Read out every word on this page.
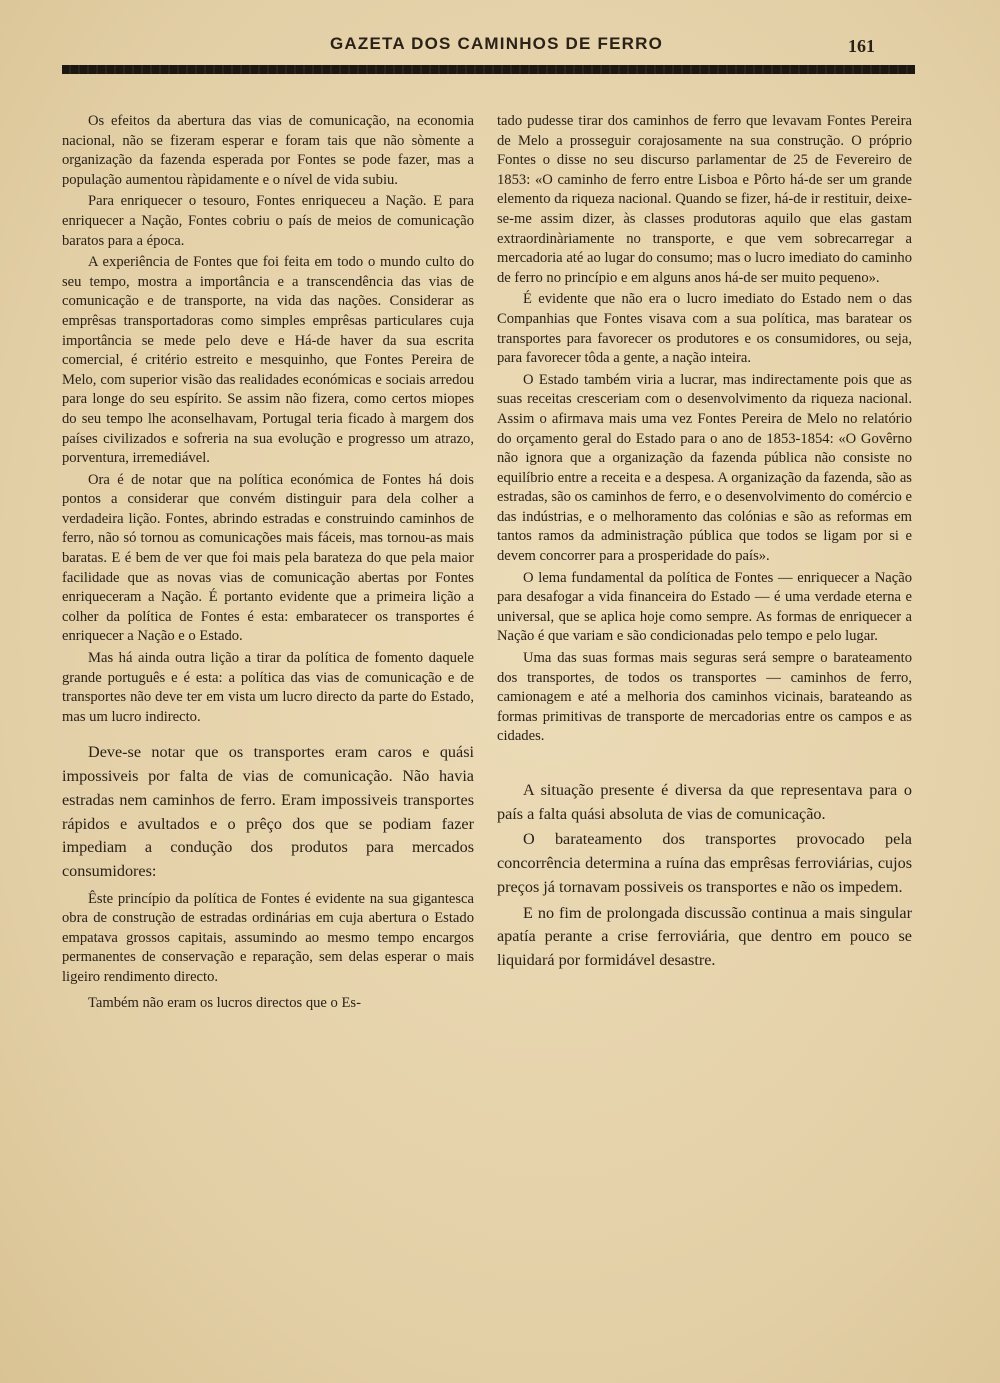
GAZETA DOS CAMINHOS DE FERRO	161

Os efeitos da abertura das vias de comunicação, na economia nacional, não se fizeram esperar e foram tais que não sòmente a organização da fazenda esperada por Fontes se pode fazer, mas a população aumentou ràpidamente e o nível de vida subiu.

Para enriquecer o tesouro, Fontes enriqueceu a Nação. E para enriquecer a Nação, Fontes cobriu o país de meios de comunicação baratos para a época.

A experiência de Fontes que foi feita em todo o mundo culto do seu tempo, mostra a importância e a transcendência das vias de comunicação e de transporte, na vida das nações. Considerar as emprêsas transportadoras como simples emprêsas particulares cuja importância se mede pelo deve e Há-de haver da sua escrita comercial, é critério estreito e mesquinho, que Fontes Pereira de Melo, com superior visão das realidades económicas e sociais arredou para longe do seu espírito. Se assim não fizera, como certos miopes do seu tempo lhe aconselhavam, Portugal teria ficado à margem dos países civilizados e sofreria na sua evolução e progresso um atrazo, porventura, irremediável.

Ora é de notar que na política económica de Fontes há dois pontos a considerar que convém distinguir para dela colher a verdadeira lição. Fontes, abrindo estradas e construindo caminhos de ferro, não só tornou as comunicações mais fáceis, mas tornou-as mais baratas. E é bem de ver que foi mais pela barateza do que pela maior facilidade que as novas vias de comunicação abertas por Fontes enriqueceram a Nação. É portanto evidente que a primeira lição a colher da política de Fontes é esta: embaratecer os transportes é enriquecer a Nação e o Estado.

Mas há ainda outra lição a tirar da política de fomento daquele grande português e é esta: a política das vias de comunicação e de transportes não deve ter em vista um lucro directo da parte do Estado, mas um lucro indirecto.

Deve-se notar que os transportes eram caros e quási impossiveis por falta de vias de comunicação. Não havia estradas nem caminhos de ferro. Eram impossiveis transportes rápidos e avultados e o prêço dos que se podiam fazer impediam a condução dos produtos para mercados consumidores:

Êste princípio da política de Fontes é evidente na sua gigantesca obra de construção de estradas ordinárias em cuja abertura o Estado empatava grossos capitais, assumindo ao mesmo tempo encargos permanentes de conservação e reparação, sem delas esperar o mais ligeiro rendimento directo.

Também não eram os lucros directos que o Es-

tado pudesse tirar dos caminhos de ferro que levavam Fontes Pereira de Melo a prosseguir corajosamente na sua construção. O próprio Fontes o disse no seu discurso parlamentar de 25 de Fevereiro de 1853: «O caminho de ferro entre Lisboa e Pôrto há-de ser um grande elemento da riqueza nacional. Quando se fizer, há-de ir restituir, deixe-se-me assim dizer, às classes produtoras aquilo que elas gastam extraordinàriamente no transporte, e que vem sobrecarregar a mercadoria até ao lugar do consumo; mas o lucro imediato do caminho de ferro no princípio e em alguns anos há-de ser muito pequeno».

É evidente que não era o lucro imediato do Estado nem o das Companhias que Fontes visava com a sua política, mas baratear os transportes para favorecer os produtores e os consumidores, ou seja, para favorecer tôda a gente, a nação inteira.

O Estado também viria a lucrar, mas indirectamente pois que as suas receitas cresceriam com o desenvolvimento da riqueza nacional. Assim o afirmava mais uma vez Fontes Pereira de Melo no relatório do orçamento geral do Estado para o ano de 1853-1854: «O Govêrno não ignora que a organização da fazenda pública não consiste no equilíbrio entre a receita e a despesa. A organização da fazenda, são as estradas, são os caminhos de ferro, e o desenvolvimento do comércio e das indústrias, e o melhoramento das colónias e são as reformas em tantos ramos da administração pública que todos se ligam por si e devem concorrer para a prosperidade do país».

O lema fundamental da política de Fontes — enriquecer a Nação para desafogar a vida financeira do Estado — é uma verdade eterna e universal, que se aplica hoje como sempre. As formas de enriquecer a Nação é que variam e são condicionadas pelo tempo e pelo lugar.

Uma das suas formas mais seguras será sempre o barateamento dos transportes, de todos os transportes — caminhos de ferro, camionagem e até a melhoria dos caminhos vicinais, barateando as formas primitivas de transporte de mercadorias entre os campos e as cidades.

A situação presente é diversa da que representava para o país a falta quási absoluta de vias de comunicação.

O barateamento dos transportes provocado pela concorrência determina a ruína das emprêsas ferroviárias, cujos preços já tornavam possiveis os transportes e não os impedem.

E no fim de prolongada discussão continua a mais singular apatía perante a crise ferroviária, que dentro em pouco se liquidará por formidável desastre.
